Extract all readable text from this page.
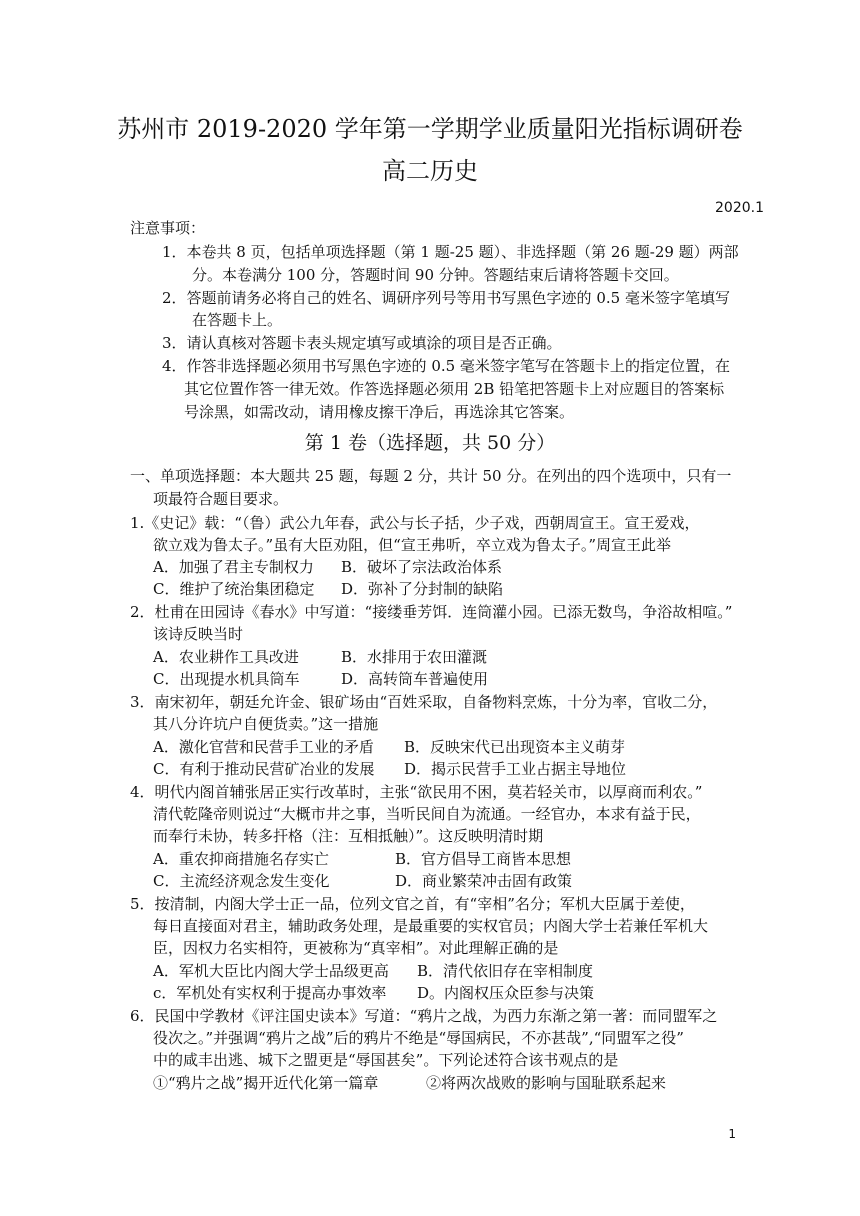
苏州市 2019-2020 学年第一学期学业质量阳光指标调研卷
高二历史
2020.1
注意事项：
1．本卷共 8 页，包括单项选择题（第 1 题-25 题）、非选择题（第 26 题-29 题）两部
分。本卷满分 100 分，答题时间 90 分钟。答题结束后请将答题卡交回。
2．答题前请务必将自己的姓名、调研序列号等用书写黑色字迹的 0.5 毫米签字笔填写
在答题卡上。
3．请认真核对答题卡表头规定填写或填涂的项目是否正确。
4．作答非选择题必须用书写黑色字迹的 0.5 毫米签字笔写在答题卡上的指定位置，在
其它位置作答一律无效。作答选择题必须用 2B 铅笔把答题卡上对应题目的答案标
号涂黑，如需改动，请用橡皮擦干净后，再选涂其它答案。
第 1 卷（选择题，共 50 分）
一、单项选择题：本大题共 25 题，每题 2 分，共计 50 分。在列出的四个选项中，只有一
项最符合题目要求。
1.《史记》载：“（鲁）武公九年春，武公与长子括，少子戏，西朝周宣王。宣王爱戏，
欲立戏为鲁太子。”虽有大臣劝阻，但“宣王弗听，卒立戏为鲁太子。”周宣王此举
A．加强了君主专制权力 B．破坏了宗法政治体系
C．维护了统治集团稳定 D．弥补了分封制的缺陷
2．杜甫在田园诗《春水》中写道：“接缕垂芳饵．连筒灌小园。已添无数鸟，争浴故相喧。”
该诗反映当时
A．农业耕作工具改进	B．水排用于农田灌溉
C．出现提水机具筒车	D．高转筒车普遍使用
3．南宋初年，朝廷允许金、银矿场由“百姓采取，自备物料烹炼，十分为率，官收二分，
其八分许坑户自便货卖。”这一措施
A．激化官营和民营手工业的矛盾 B．反映宋代已出现资本主义萌芽
C．有利于推动民营矿冶业的发展 D．揭示民营手工业占据主导地位
4．明代内阁首辅张居正实行改革时，主张“欲民用不困，莫若轻关市，以厚商而利农。”
清代乾隆帝则说过“大概市井之事，当听民间自为流通。一经官办，本求有益于民，
而奉行未协，转多扞格（注：互相抵触）”。这反映明清时期
A．重农抑商措施名存实亡	B．官方倡导工商皆本思想
C．主流经济观念发生变化	D．商业繁荣冲击固有政策
5．按清制，内阁大学士正一品，位列文官之首，有“宰相”名分；军机大臣属于差使，
每日直接面对君主，辅助政务处理，是最重要的实权官员；内阁大学士若兼任军机大
臣，因权力名实相符，更被称为“真宰相”。对此理解正确的是
A．军机大臣比内阁大学士品级更高 B．清代依旧存在宰相制度
c．军机处有实权利于提高办事效率 D。内阁权压众臣参与决策
6．民国中学教材《评注国史读本》写道：“鸦片之战，为西力东渐之第一著：而同盟军之
役次之。”并强调“鸦片之战”后的鸦片不绝是“辱国病民，不亦甚哉”,“同盟军之役”
中的咸丰出逃、城下之盟更是“辱国甚矣”。下列论述符合该书观点的是
①“鸦片之战”揭开近代化第一篇章	②将两次战败的影响与国耻联系起来
1
